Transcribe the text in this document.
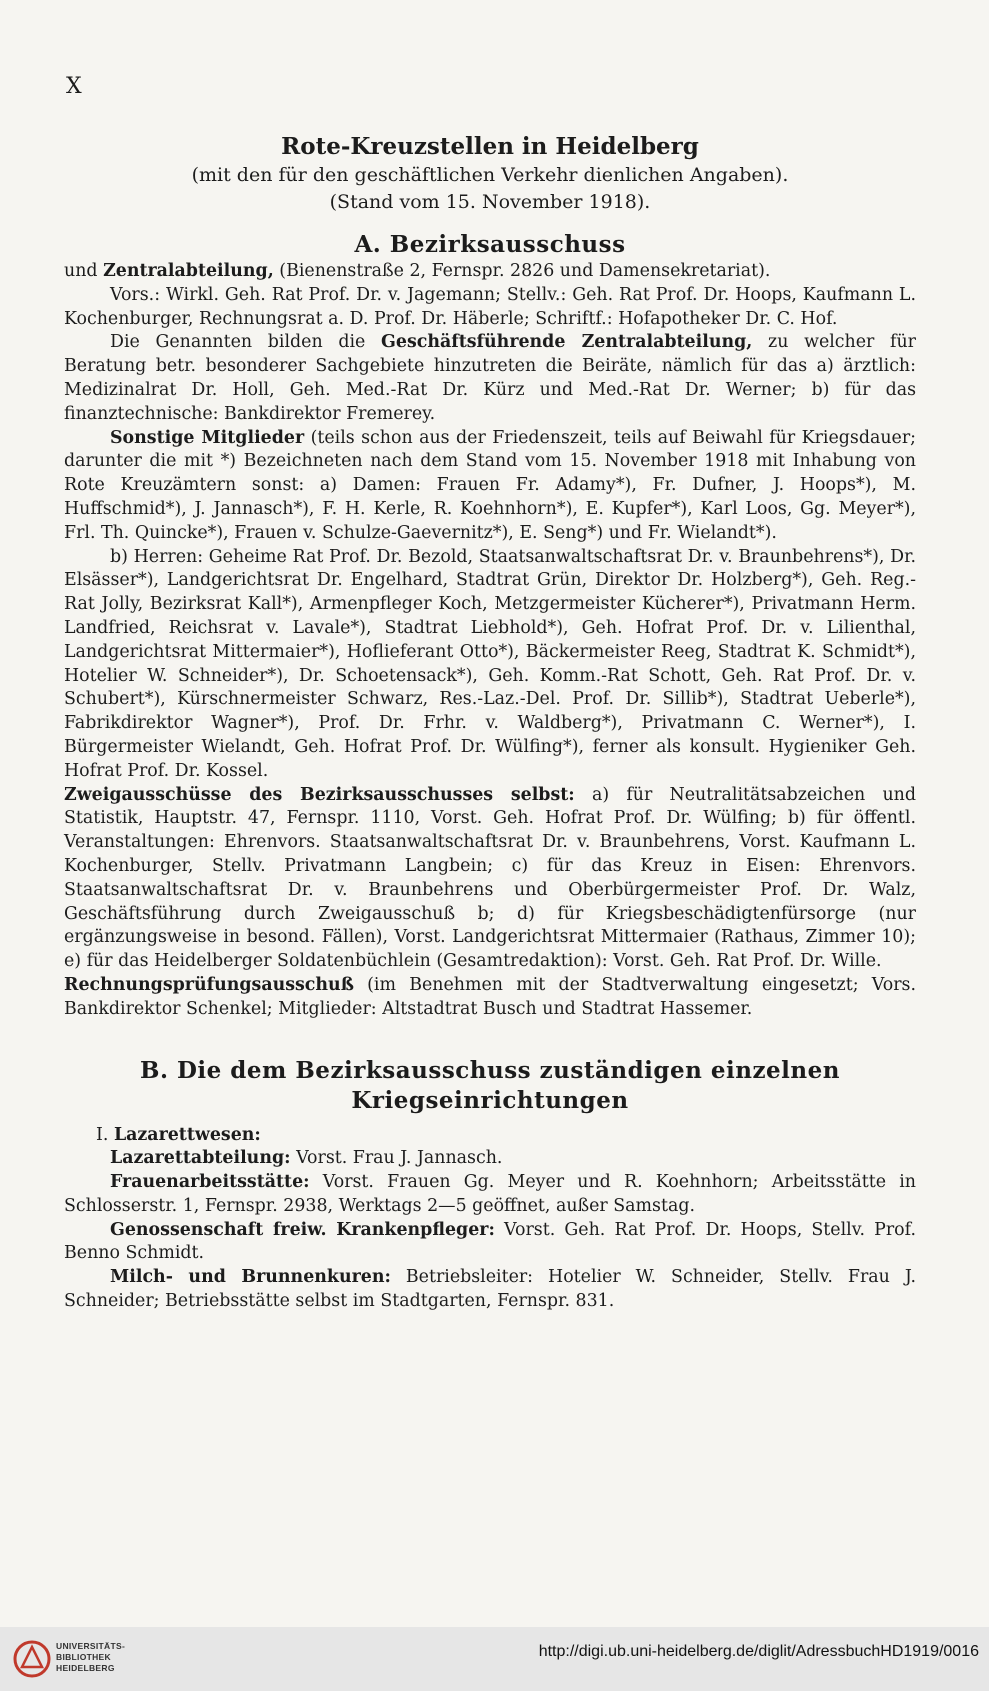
X
Rote-Kreuzstellen in Heidelberg

(mit den für den geschäftlichen Verkehr dienlichen Angaben).

(Stand vom 15. November 1918).

A. Bezirksausschuss

und Zentralabteilung, (Bienenstraße 2, Fernspr. 2826 und Damensekretariat).

Vors.: Wirkl. Geh. Rat Prof. Dr. v. Jagemann; Stellv.: Geh. Rat Prof. Dr. Hoops, Kaufmann L. Kochenburger, Rechnungsrat a. D. Prof. Dr. Häberle; Schriftf.: Hofapotheker Dr. C. Hof.

Die Genannten bilden die Geschäftsführende Zentralabteilung, zu welcher für Beratung betr. besonderer Sachgebiete hinzutreten die Beiräte, nämlich für das a) ärztlich: Medizinalrat Dr. Holl, Geh. Med.-Rat Dr. Kürz und Med.-Rat Dr. Werner; b) für das finanztechnische: Bankdirektor Fremerey.

Sonstige Mitglieder (teils schon aus der Friedenszeit, teils auf Beiwahl für Kriegsdauer; darunter die mit *) Bezeichneten nach dem Stand vom 15. November 1918 mit Inhabung von Rote Kreuzämtern sonst: a) Damen: Frauen Fr. Adamy*), Fr. Dufner, J. Hoops*), M. Huffschmid*), J. Jannasch*), F. H. Kerle, R. Koehnhorn*), E. Kupfer*), Karl Loos, Gg. Meyer*), Frl. Th. Quincke*), Frauen v. Schulze-Gaevernitz*), E. Seng*) und Fr. Wielandt*).

b) Herren: Geheime Rat Prof. Dr. Bezold, Staatsanwaltschaftsrat Dr. v. Braunbehrens*), Dr. Elsässer*), Landgerichtsrat Dr. Engelhard, Stadtrat Grün, Direktor Dr. Holzberg*), Geh. Reg.-Rat Jolly, Bezirksrat Kall*), Armenpfleger Koch, Metzgermeister Kücherer*), Privatmann Herm. Landfried, Reichsrat v. Lavale*), Stadtrat Liebhold*), Geh. Hofrat Prof. Dr. v. Lilienthal, Landgerichtsrat Mittermaier*), Hoflieferant Otto*), Bäckermeister Reeg, Stadtrat K. Schmidt*), Hotelier W. Schneider*), Dr. Schoetensack*), Geh. Komm.-Rat Schott, Geh. Rat Prof. Dr. v. Schubert*), Kürschnermeister Schwarz, Res.-Laz.-Del. Prof. Dr. Sillib*), Stadtrat Ueberle*), Fabrikdirektor Wagner*), Prof. Dr. Frhr. v. Waldberg*), Privatmann C. Werner*), I. Bürgermeister Wielandt, Geh. Hofrat Prof. Dr. Wülfing*), ferner als konsult. Hygieniker Geh. Hofrat Prof. Dr. Kossel.

Zweigausschüsse des Bezirksausschusses selbst: a) für Neutralitätsabzeichen und Statistik, Hauptstr. 47, Fernspr. 1110, Vorst. Geh. Hofrat Prof. Dr. Wülfing; b) für öffentl. Veranstaltungen: Ehrenvors. Staatsanwaltschaftsrat Dr. v. Braunbehrens, Vorst. Kaufmann L. Kochenburger, Stellv. Privatmann Langbein; c) für das Kreuz in Eisen: Ehrenvors. Staatsanwaltschaftsrat Dr. v. Braunbehrens und Oberbürgermeister Prof. Dr. Walz, Geschäftsführung durch Zweigausschuß b; d) für Kriegsbeschädigtenfürsorge (nur ergänzungsweise in besond. Fällen), Vorst. Landgerichtsrat Mittermaier (Rathaus, Zimmer 10); e) für das Heidelberger Soldatenbüchlein (Gesamtredaktion): Vorst. Geh. Rat Prof. Dr. Wille.

Rechnungsprüfungsausschuß (im Benehmen mit der Stadtverwaltung eingesetzt; Vors. Bankdirektor Schenkel; Mitglieder: Altstadtrat Busch und Stadtrat Hassemer.

B. Die dem Bezirksausschuss zuständigen einzelnen
Kriegseinrichtungen

I. Lazarettwesen:

Lazarettabteilung: Vorst. Frau J. Jannasch.

Frauenarbeitsstätte: Vorst. Frauen Gg. Meyer und R. Koehnhorn; Arbeitsstätte in Schlosserstr. 1, Fernspr. 2938, Werktags 2—5 geöffnet, außer Samstag.

Genossenschaft freiw. Krankenpfleger: Vorst. Geh. Rat Prof. Dr. Hoops, Stellv. Prof. Benno Schmidt.

Milch- und Brunnenkuren: Betriebsleiter: Hotelier W. Schneider, Stellv. Frau J. Schneider; Betriebsstätte selbst im Stadtgarten, Fernspr. 831.

UNIVERSITÄTS-
BIBLIOTHEK
HEIDELBERG
http://digi.ub.uni-heidelberg.de/diglit/AdressbuchHD1919/0016
